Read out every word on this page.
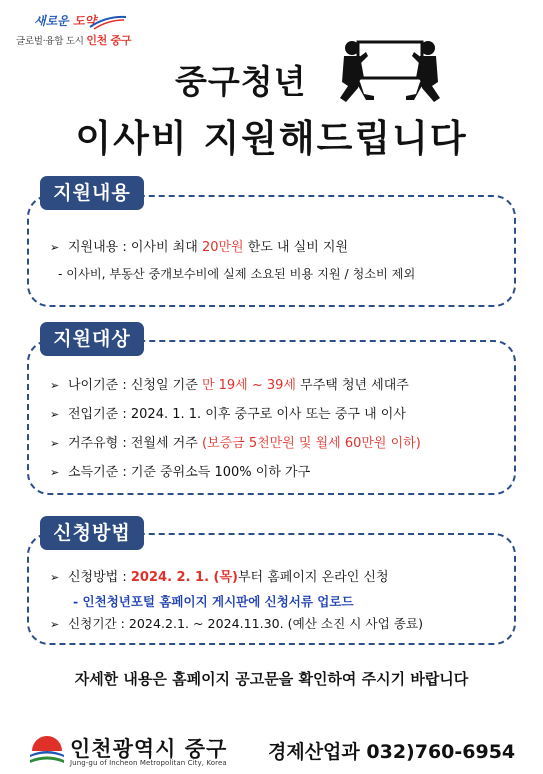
새로운 도약
글로벌·융합 도시 인천 중구
중구청년
이사비 지원해드립니다
지원내용
➢ 지원내용 : 이사비 최대 20만원 한도 내 실비 지원
- 이사비, 부동산 중개보수비에 실제 소요된 비용 지원 / 청소비 제외
지원대상
➢ 나이기준 : 신청일 기준 만 19세 ~ 39세 무주택 청년 세대주
➢ 전입기준 : 2024. 1. 1. 이후 중구로 이사 또는 중구 내 이사
➢ 거주유형 : 전월세 거주 (보증금 5천만원 및 월세 60만원 이하)
➢ 소득기준 : 기준 중위소득 100% 이하 가구
신청방법
➢ 신청방법 : 2024. 2. 1. (목)부터 홈페이지 온라인 신청
- 인천청년포털 홈페이지 게시판에 신청서류 업로드
➢ 신청기간 : 2024.2.1. ~ 2024.11.30. (예산 소진 시 사업 종료)
자세한 내용은 홈페이지 공고문을 확인하여 주시기 바랍니다
인천광역시 중구
Jung-gu of Incheon Metropolitan City, Korea 경제산업과 032)760-6954
